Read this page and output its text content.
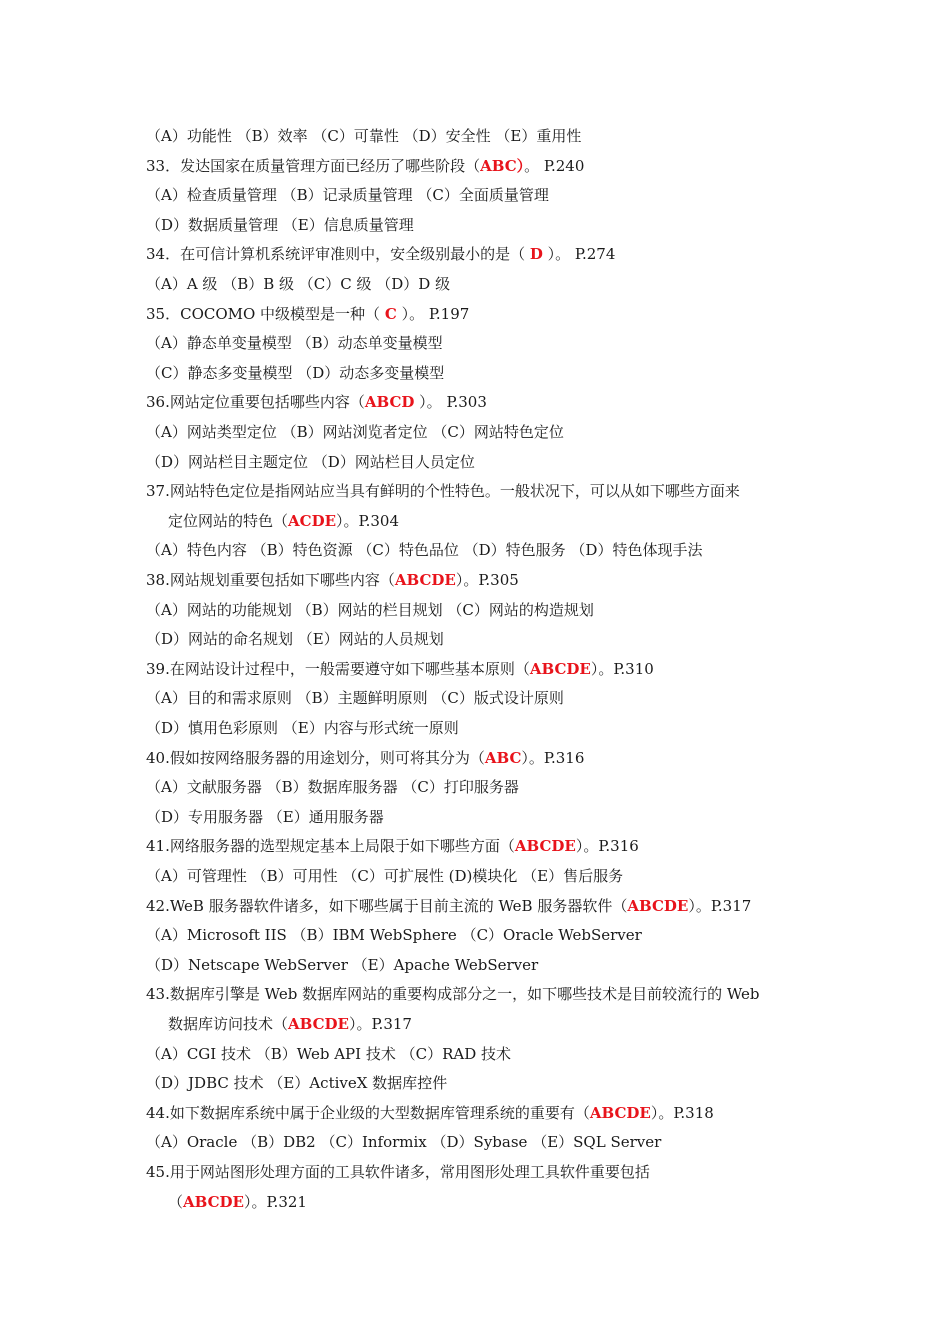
（A）功能性 （B）效率 （C）可靠性 （D）安全性 （E）重用性
33．发达国家在质量管理方面已经历了哪些阶段（ABC）。 P.240
（A）检查质量管理 （B）记录质量管理 （C）全面质量管理
（D）数据质量管理 （E）信息质量管理
34．在可信计算机系统评审准则中，安全级别最小的是（ D ）。 P.274
（A）A 级 （B）B 级 （C）C 级 （D）D 级
35．COCOMO 中级模型是一种（ C ）。 P.197
（A）静态单变量模型 （B）动态单变量模型
（C）静态多变量模型 （D）动态多变量模型
36.网站定位重要包括哪些内容（ABCD ）。 P.303
（A）网站类型定位 （B）网站浏览者定位 （C）网站特色定位
（D）网站栏目主题定位 （D）网站栏目人员定位
37.网站特色定位是指网站应当具有鲜明的个性特色。一般状况下，可以从如下哪些方面来
定位网站的特色（ACDE）。P.304
（A）特色内容 （B）特色资源 （C）特色品位 （D）特色服务 （D）特色体现手法
38.网站规划重要包括如下哪些内容（ABCDE）。P.305
（A）网站的功能规划 （B）网站的栏目规划 （C）网站的构造规划
（D）网站的命名规划 （E）网站的人员规划
39.在网站设计过程中，一般需要遵守如下哪些基本原则（ABCDE）。P.310
（A）目的和需求原则 （B）主题鲜明原则 （C）版式设计原则
（D）慎用色彩原则 （E）内容与形式统一原则
40.假如按网络服务器的用途划分，则可将其分为（ABC）。P.316
（A）文献服务器 （B）数据库服务器 （C）打印服务器
（D）专用服务器 （E）通用服务器
41.网络服务器的选型规定基本上局限于如下哪些方面（ABCDE）。P.316
（A）可管理性 （B）可用性 （C）可扩展性 (D)模块化 （E）售后服务
42.WeB 服务器软件诸多，如下哪些属于目前主流的 WeB 服务器软件（ABCDE）。P.317
（A）Microsoft IIS （B）IBM WebSphere （C）Oracle WebServer
（D）Netscape WebServer （E）Apache WebServer
43.数据库引擎是 Web 数据库网站的重要构成部分之一，如下哪些技术是目前较流行的 Web
数据库访问技术（ABCDE）。P.317
（A）CGI 技术 （B）Web API 技术 （C）RAD 技术
（D）JDBC 技术 （E）ActiveX 数据库控件
44.如下数据库系统中属于企业级的大型数据库管理系统的重要有（ABCDE）。P.318
（A）Oracle （B）DB2 （C）Informix （D）Sybase （E）SQL Server
45.用于网站图形处理方面的工具软件诸多，常用图形处理工具软件重要包括
（ABCDE）。P.321
